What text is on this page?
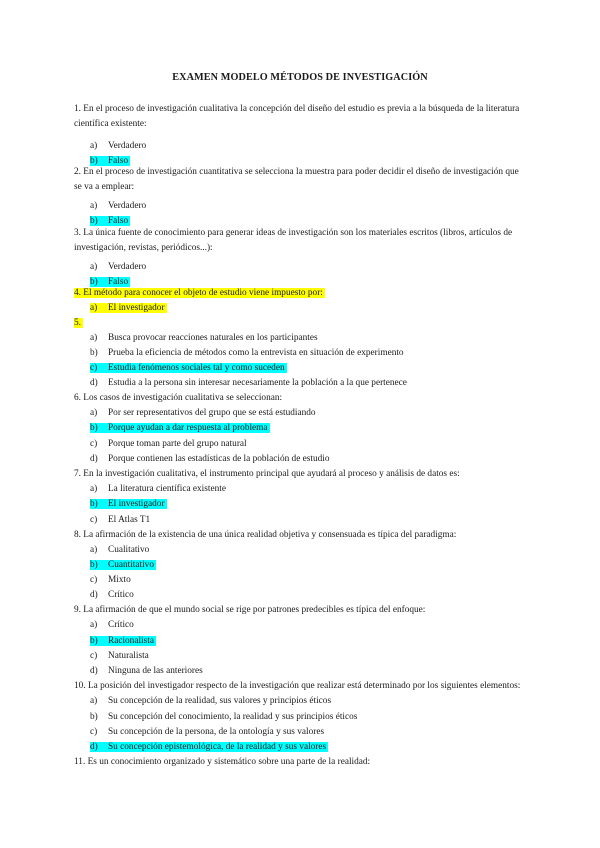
EXAMEN MODELO MÉTODOS DE INVESTIGACIÓN
1. En el proceso de investigación cualitativa la concepción del diseño del estudio es previa a la búsqueda de la literatura
científica existente:
a) Verdadero
b) Falso
2. En el proceso de investigación cuantitativa se selecciona la muestra para poder decidir el diseño de investigación que
se va a emplear:
a) Verdadero
b) Falso
3. La única fuente de conocimiento para generar ideas de investigación son los materiales escritos (libros, artículos de
investigación, revistas, periódicos...):
a) Verdadero
b) Falso
4. El método para conocer el objeto de estudio viene impuesto por:
a) El investigador
5.
a) Busca provocar reacciones naturales en los participantes
b) Prueba la eficiencia de métodos como la entrevista en situación de experimento
c) Estudia fenómenos sociales tal y como suceden
d) Estudia a la persona sin interesar necesariamente la población a la que pertenece
6. Los casos de investigación cualitativa se seleccionan:
a) Por ser representativos del grupo que se está estudiando
b) Porque ayudan a dar respuesta al problema
c) Porque toman parte del grupo natural
d) Porque contienen las estadísticas de la población de estudio
7. En la investigación cualitativa, el instrumento principal que ayudará al proceso y análisis de datos es:
a) La literatura científica existente
b) El investigador
c) El Atlas T1
8. La afirmación de la existencia de una única realidad objetiva y consensuada es típica del paradigma:
a) Cualitativo
b) Cuantitativo
c) Mixto
d) Crítico
9. La afirmación de que el mundo social se rige por patrones predecibles es típica del enfoque:
a) Crítico
b) Racionalista
c) Naturalista
d) Ninguna de las anteriores
10. La posición del investigador respecto de la investigación que realizar está determinado por los siguientes elementos:
a) Su concepción de la realidad, sus valores y principios éticos
b) Su concepción del conocimiento, la realidad y sus principios éticos
c) Su concepción de la persona, de la ontología y sus valores
d) Su concepción epistemológica, de la realidad y sus valores
11. Es un conocimiento organizado y sistemático sobre una parte de la realidad:
